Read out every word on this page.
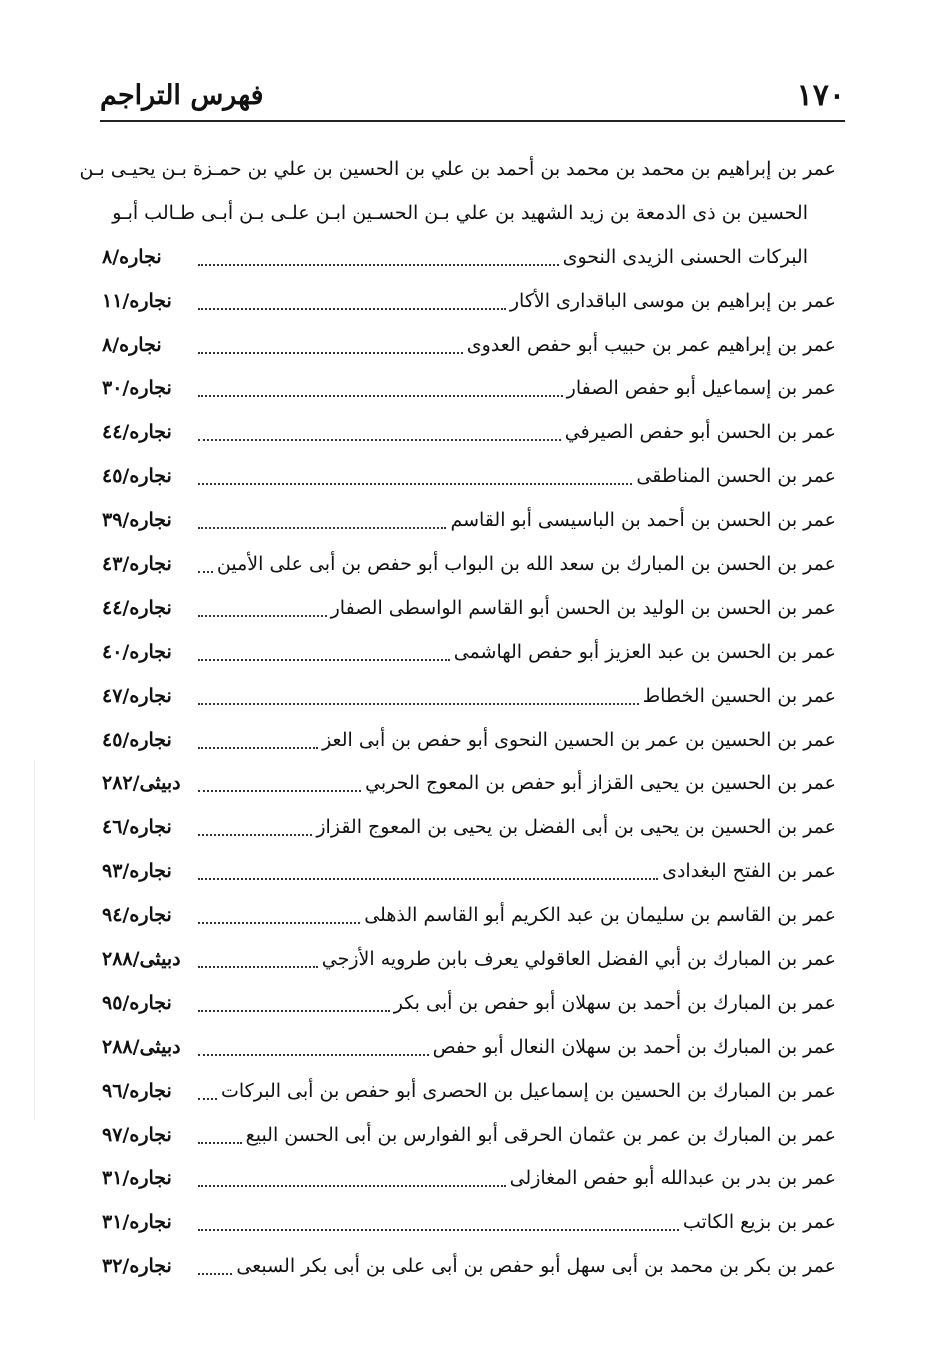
١٧٠
فهرس التراجم
عمر بن إبراهيم بن محمد بن محمد بن أحمد بن علي بن الحسين بن علي بن حمـزة بـن يحيـى بـن
الحسين بن ذى الدمعة بن زيد الشهيد بن علي بـن الحسـين ابـن علـى بـن أبـى طـالب أبـو
البركات الحسنى الزيدى النحوى
نجاره/٨
عمر بن إبراهيم بن موسى الباقدارى الأكار
نجاره/١١
عمر بن إبراهيم عمر بن حبيب أبو حفص العدوى
نجاره/٨
عمر بن إسماعيل أبو حفص الصفار
نجاره/٣٠
عمر بن الحسن أبو حفص الصيرفي
نجاره/٤٤
عمر بن الحسن المناطقى
نجاره/٤٥
عمر بن الحسن بن أحمد بن الباسيسى أبو القاسم
نجاره/٣٩
عمر بن الحسن بن المبارك بن سعد الله بن البواب أبو حفص بن أبى على الأمين
نجاره/٤٣
عمر بن الحسن بن الوليد بن الحسن أبو القاسم الواسطى الصفار
نجاره/٤٤
عمر بن الحسن بن عبد العزيز أبو حفص الهاشمى
نجاره/٤٠
عمر بن الحسين الخطاط
نجاره/٤٧
عمر بن الحسين بن عمر بن الحسين النحوى أبو حفص بن أبى العز
نجاره/٤٥
عمر بن الحسين بن يحيى القزاز أبو حفص بن المعوج الحربي
دبيثى/٢٨٢
عمر بن الحسين بن يحيى بن أبى الفضل بن يحيى بن المعوج القزاز
نجاره/٤٦
عمر بن الفتح البغدادى
نجاره/٩٣
عمر بن القاسم بن سليمان بن عبد الكريم أبو القاسم الذهلى
نجاره/٩٤
عمر بن المبارك بن أبي الفضل العاقولي يعرف بابن طرويه الأزجي
دبيثى/٢٨٨
عمر بن المبارك بن أحمد بن سهلان أبو حفص بن أبى بكر
نجاره/٩٥
عمر بن المبارك بن أحمد بن سهلان النعال أبو حفص
دبيثى/٢٨٨
عمر بن المبارك بن الحسين بن إسماعيل بن الحصرى أبو حفص بن أبى البركات
نجاره/٩٦
عمر بن المبارك بن عمر بن عثمان الحرقى أبو الفوارس بن أبى الحسن البيع
نجاره/٩٧
عمر بن بدر بن عبدالله أبو حفص المغازلى
نجاره/٣١
عمر بن بزيع الكاتب
نجاره/٣١
عمر بن بكر بن محمد بن أبى سهل أبو حفص بن أبى على بن أبى بكر السبعى
نجاره/٣٢
